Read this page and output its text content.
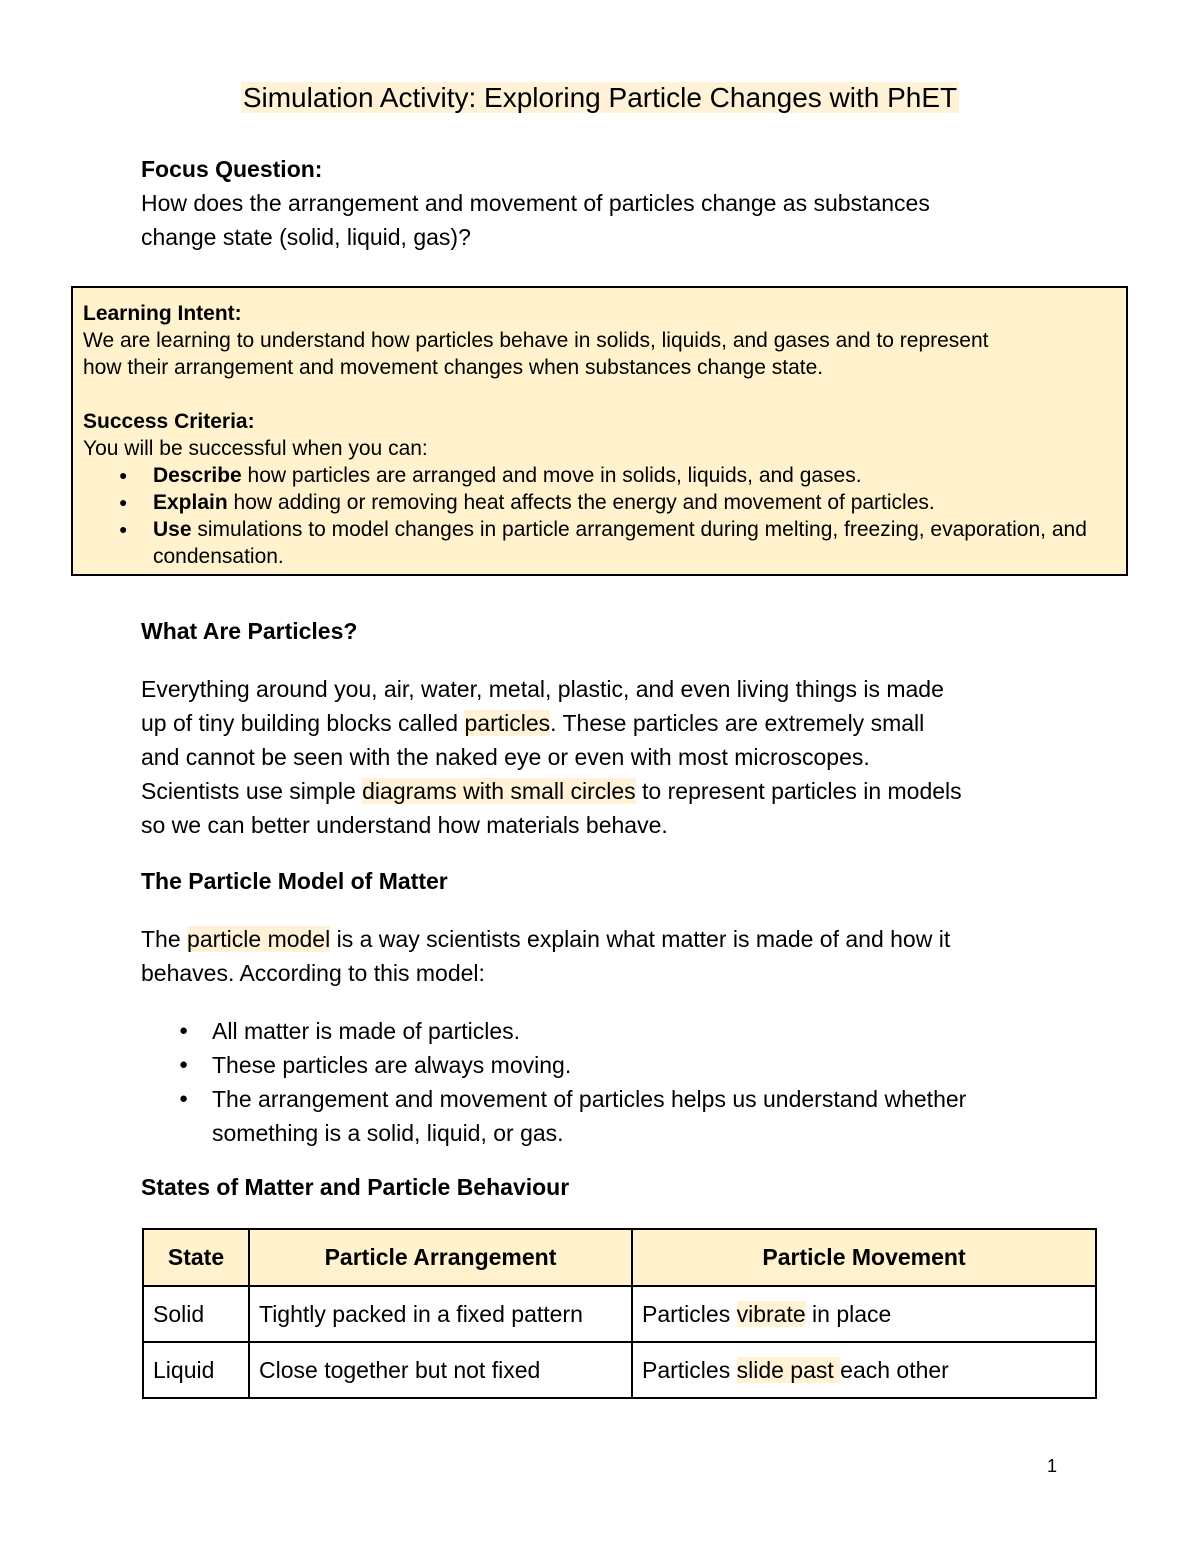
Simulation Activity: Exploring Particle Changes with PhET
Focus Question:
How does the arrangement and movement of particles change as substances
change state (solid, liquid, gas)?
Learning Intent:
We are learning to understand how particles behave in solids, liquids, and gases and to represent
how their arrangement and movement changes when substances change state.
Success Criteria:
You will be successful when you can:
● Describe how particles are arranged and move in solids, liquids, and gases.
● Explain how adding or removing heat affects the energy and movement of particles.
● Use simulations to model changes in particle arrangement during melting, freezing, evaporation, and condensation.
What Are Particles?
Everything around you, air, water, metal, plastic, and even living things is made
up of tiny building blocks called particles. These particles are extremely small
and cannot be seen with the naked eye or even with most microscopes.
Scientists use simple diagrams with small circles to represent particles in models
so we can better understand how materials behave.
The Particle Model of Matter
The particle model is a way scientists explain what matter is made of and how it
behaves. According to this model:
● All matter is made of particles.
● These particles are always moving.
● The arrangement and movement of particles helps us understand whether something is a solid, liquid, or gas.
States of Matter and Particle Behaviour
State	Particle Arrangement	Particle Movement
Solid	Tightly packed in a fixed pattern	Particles vibrate in place
Liquid	Close together but not fixed	Particles slide past each other
1
